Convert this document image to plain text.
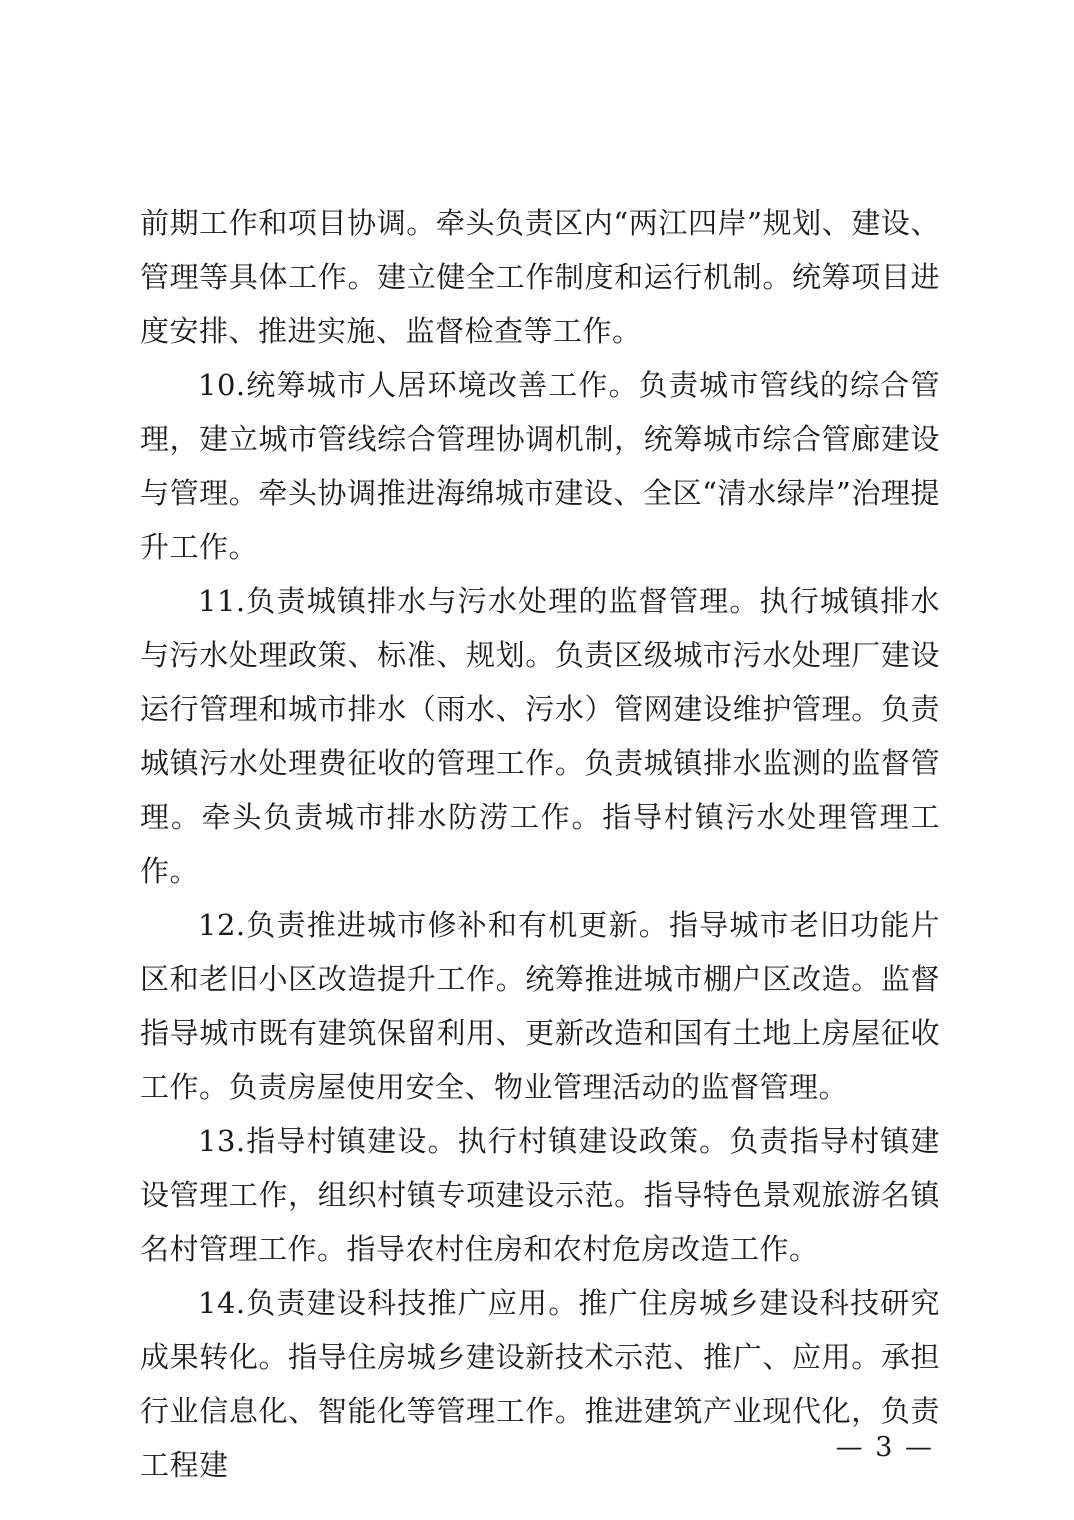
前期工作和项目协调。牵头负责区内“两江四岸”规划、建设、管理等具体工作。建立健全工作制度和运行机制。统筹项目进度安排、推进实施、监督检查等工作。

10.统筹城市人居环境改善工作。负责城市管线的综合管理，建立城市管线综合管理协调机制，统筹城市综合管廊建设与管理。牵头协调推进海绵城市建设、全区“清水绿岸”治理提升工作。

11.负责城镇排水与污水处理的监督管理。执行城镇排水与污水处理政策、标准、规划。负责区级城市污水处理厂建设运行管理和城市排水（雨水、污水）管网建设维护管理。负责城镇污水处理费征收的管理工作。负责城镇排水监测的监督管理。牵头负责城市排水防涝工作。指导村镇污水处理管理工作。

12.负责推进城市修补和有机更新。指导城市老旧功能片区和老旧小区改造提升工作。统筹推进城市棚户区改造。监督指导城市既有建筑保留利用、更新改造和国有土地上房屋征收工作。负责房屋使用安全、物业管理活动的监督管理。

13.指导村镇建设。执行村镇建设政策。负责指导村镇建设管理工作，组织村镇专项建设示范。指导特色景观旅游名镇名村管理工作。指导农村住房和农村危房改造工作。

14.负责建设科技推广应用。推广住房城乡建设科技研究成果转化。指导住房城乡建设新技术示范、推广、应用。承担行业信息化、智能化等管理工作。推进建筑产业现代化，负责工程建

— 3 —
